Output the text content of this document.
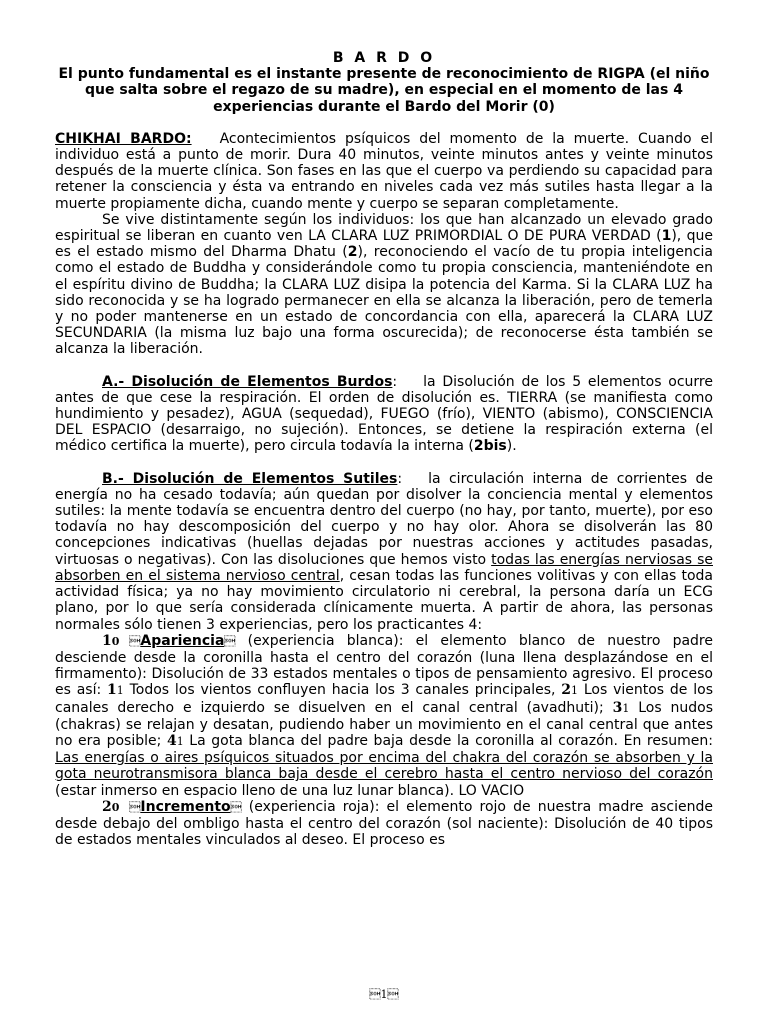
B A R D O
El punto fundamental es el instante presente de reconocimiento de RIGPA (el niño que salta sobre el regazo de su madre), en especial en el momento de las 4 experiencias durante el Bardo del Morir (0)

CHIKHAI BARDO: Acontecimientos psíquicos del momento de la muerte. Cuando el individuo está a punto de morir. Dura 40 minutos, veinte minutos antes y veinte minutos después de la muerte clínica. Son fases en las que el cuerpo va perdiendo su capacidad para retener la consciencia y ésta va entrando en niveles cada vez más sutiles hasta llegar a la muerte propiamente dicha, cuando mente y cuerpo se separan completamente.

Se vive distintamente según los individuos: los que han alcanzado un elevado grado espiritual se liberan en cuanto ven LA CLARA LUZ PRIMORDIAL O DE PURA VERDAD (1), que es el estado mismo del Dharma Dhatu (2), reconociendo el vacío de tu propia inteligencia como el estado de Buddha y considerándole como tu propia consciencia, manteniéndote en el espíritu divino de Buddha; la CLARA LUZ disipa la potencia del Karma. Si la CLARA LUZ ha sido reconocida y se ha logrado permanecer en ella se alcanza la liberación, pero de temerla y no poder mantenerse en un estado de concordancia con ella, aparecerá la CLARA LUZ SECUNDARIA (la misma luz bajo una forma oscurecida); de reconocerse ésta también se alcanza la liberación.

A.- Disolución de Elementos Burdos: la Disolución de los 5 elementos ocurre antes de que cese la respiración. El orden de disolución es. TIERRA (se manifiesta como hundimiento y pesadez), AGUA (sequedad), FUEGO (frío), VIENTO (abismo), CONSCIENCIA DEL ESPACIO (desarraigo, no sujeción). Entonces, se detiene la respiración externa (el médico certifica la muerte), pero circula todavía la interna (2bis).

B.- Disolución de Elementos Sutiles: la circulación interna de corrientes de energía no ha cesado todavía; aún quedan por disolver la conciencia mental y elementos sutiles: la mente todavía se encuentra dentro del cuerpo (no hay, por tanto, muerte), por eso todavía no hay descomposición del cuerpo y no hay olor. Ahora se disolverán las 80 concepciones indicativas (huellas dejadas por nuestras acciones y actitudes pasadas, virtuosas o negativas). Con las disoluciones que hemos visto todas las energías nerviosas se absorben en el sistema nervioso central, cesan todas las funciones volitivas y con ellas toda actividad física; ya no hay movimiento circulatorio ni cerebral, la persona daría un ECG plano, por lo que sería considerada clínicamente muerta. A partir de ahora, las personas normales sólo tienen 3 experiencias, pero los practicantes 4:

10 Apariencia (experiencia blanca): el elemento blanco de nuestro padre desciende desde la coronilla hasta el centro del corazón (luna llena desplazándose en el firmamento): Disolución de 33 estados mentales o tipos de pensamiento agresivo. El proceso es así: 11 Todos los vientos confluyen hacia los 3 canales principales, 21 Los vientos de los canales derecho e izquierdo se disuelven en el canal central (avadhuti); 31 Los nudos (chakras) se relajan y desatan, pudiendo haber un movimiento en el canal central que antes no era posible; 41 La gota blanca del padre baja desde la coronilla al corazón. En resumen: Las energías o aires psíquicos situados por encima del chakra del corazón se absorben y la gota neurotransmisora blanca baja desde el cerebro hasta el centro nervioso del corazón (estar inmerso en espacio lleno de una luz lunar blanca). LO VACIO

20 Incremento (experiencia roja): el elemento rojo de nuestra madre asciende desde debajo del ombligo hasta el centro del corazón (sol naciente): Disolución de 40 tipos de estados mentales vinculados al deseo. El proceso es

1
